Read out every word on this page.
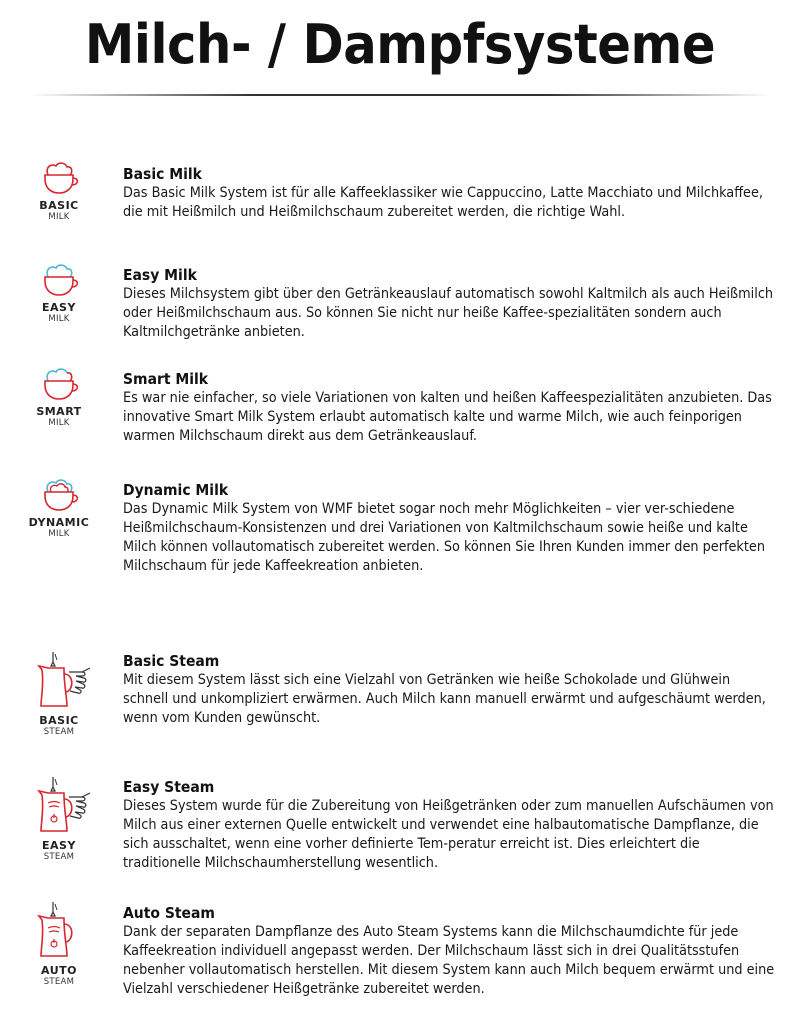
Milch- / Dampfsysteme
BASIC
MILK
Basic Milk
Das Basic Milk System ist für alle Kaffeeklassiker wie Cappuccino, Latte Macchiato und Milchkaffee, die mit Heißmilch und Heißmilchschaum zubereitet werden, die richtige Wahl.
EASY
MILK
Easy Milk
Dieses Milchsystem gibt über den Getränkeauslauf automatisch sowohl Kaltmilch als auch Heißmilch oder Heißmilchschaum aus. So können Sie nicht nur heiße Kaffee-spezialitäten sondern auch Kaltmilchgetränke anbieten.
SMART
MILK
Smart Milk
Es war nie einfacher, so viele Variationen von kalten und heißen Kaffeespezialitäten anzubieten. Das innovative Smart Milk System erlaubt automatisch kalte und warme Milch, wie auch feinporigen warmen Milchschaum direkt aus dem Getränkeauslauf.
DYNAMIC
MILK
Dynamic Milk
Das Dynamic Milk System von WMF bietet sogar noch mehr Möglichkeiten – vier ver-schiedene Heißmilchschaum-Konsistenzen und drei Variationen von Kaltmilchschaum sowie heiße und kalte Milch können vollautomatisch zubereitet werden. So können Sie Ihren Kunden immer den perfekten Milchschaum für jede Kaffeekreation anbieten.
BASIC
STEAM
Basic Steam
Mit diesem System lässt sich eine Vielzahl von Getränken wie heiße Schokolade und Glühwein schnell und unkompliziert erwärmen. Auch Milch kann manuell erwärmt und aufgeschäumt werden, wenn vom Kunden gewünscht.
EASY
STEAM
Easy Steam
Dieses System wurde für die Zubereitung von Heißgetränken oder zum manuellen Aufschäumen von Milch aus einer externen Quelle entwickelt und verwendet eine halbautomatische Dampflanze, die sich ausschaltet, wenn eine vorher definierte Tem-peratur erreicht ist. Dies erleichtert die traditionelle Milchschaumherstellung wesentlich.
AUTO
STEAM
Auto Steam
Dank der separaten Dampflanze des Auto Steam Systems kann die Milchschaumdichte für jede Kaffeekreation individuell angepasst werden. Der Milchschaum lässt sich in drei Qualitätsstufen nebenher vollautomatisch herstellen. Mit diesem System kann auch Milch bequem erwärmt und eine Vielzahl verschiedener Heißgetränke zubereitet werden.
